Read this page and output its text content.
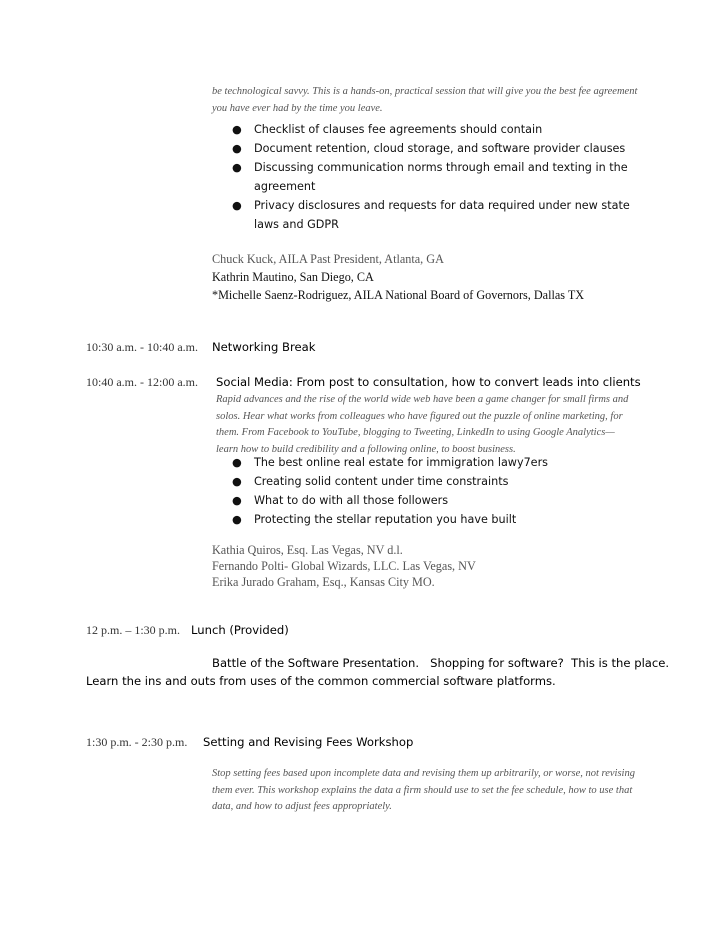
be technological savvy. This is a hands-on, practical session that will give you the best fee agreement you have ever had by the time you leave.
● Checklist of clauses fee agreements should contain
● Document retention, cloud storage, and software provider clauses
● Discussing communication norms through email and texting in the agreement
● Privacy disclosures and requests for data required under new state laws and GDPR
Chuck Kuck, AILA Past President, Atlanta, GA
Kathrin Mautino, San Diego, CA
*Michelle Saenz-Rodriguez, AILA National Board of Governors, Dallas TX
10:30 a.m. - 10:40 a.m. Networking Break
10:40 a.m. - 12:00 a.m. Social Media: From post to consultation, how to convert leads into clients
Rapid advances and the rise of the world wide web have been a game changer for small firms and solos. Hear what works from colleagues who have figured out the puzzle of online marketing, for them. From Facebook to YouTube, blogging to Tweeting, LinkedIn to using Google Analytics—learn how to build credibility and a following online, to boost business.
● The best online real estate for immigration lawy7ers
● Creating solid content under time constraints
● What to do with all those followers
● Protecting the stellar reputation you have built
Kathia Quiros, Esq. Las Vegas, NV d.l.
Fernando Polti- Global Wizards, LLC. Las Vegas, NV
Erika Jurado Graham, Esq., Kansas City MO.
12 p.m. – 1:30 p.m. Lunch (Provided)
Battle of the Software Presentation.   Shopping for software?  This is the place.
Learn the ins and outs from uses of the common commercial software platforms.
1:30 p.m. - 2:30 p.m. Setting and Revising Fees Workshop
Stop setting fees based upon incomplete data and revising them up arbitrarily, or worse, not revising them ever. This workshop explains the data a firm should use to set the fee schedule, how to use that data, and how to adjust fees appropriately.
